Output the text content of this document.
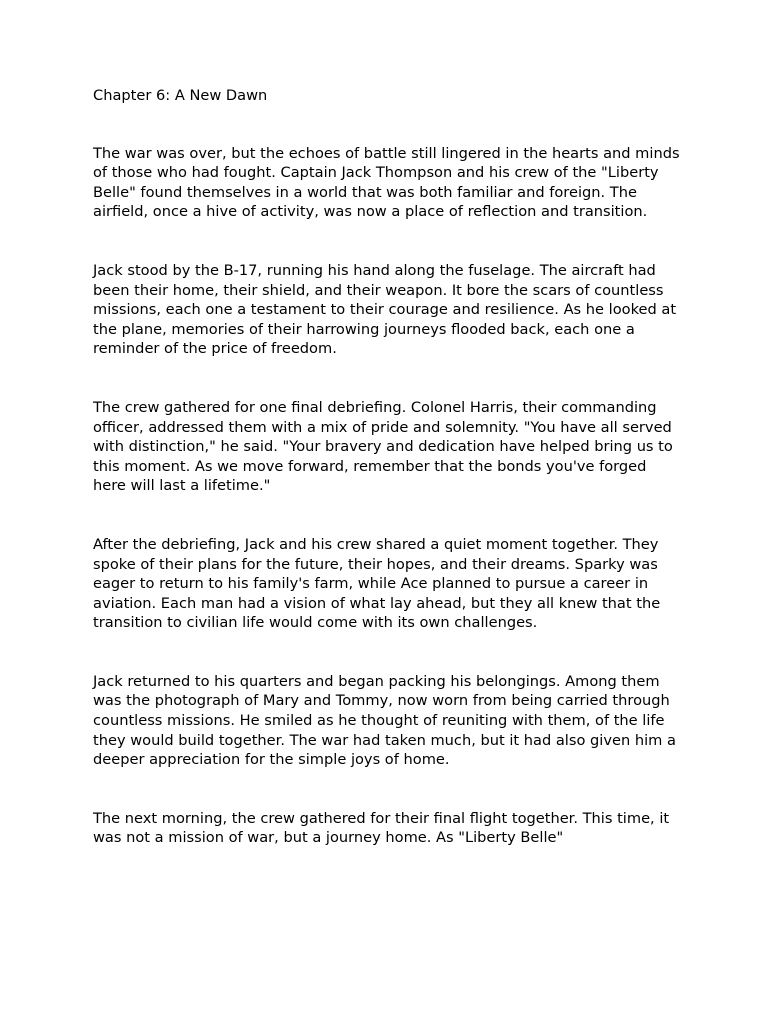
Chapter 6: A New Dawn

The war was over, but the echoes of battle still lingered in the hearts and minds of those who had fought. Captain Jack Thompson and his crew of the "Liberty Belle" found themselves in a world that was both familiar and foreign. The airfield, once a hive of activity, was now a place of reflection and transition.

Jack stood by the B-17, running his hand along the fuselage. The aircraft had been their home, their shield, and their weapon. It bore the scars of countless missions, each one a testament to their courage and resilience. As he looked at the plane, memories of their harrowing journeys flooded back, each one a reminder of the price of freedom.

The crew gathered for one final debriefing. Colonel Harris, their commanding officer, addressed them with a mix of pride and solemnity. "You have all served with distinction," he said. "Your bravery and dedication have helped bring us to this moment. As we move forward, remember that the bonds you've forged here will last a lifetime."

After the debriefing, Jack and his crew shared a quiet moment together. They spoke of their plans for the future, their hopes, and their dreams. Sparky was eager to return to his family's farm, while Ace planned to pursue a career in aviation. Each man had a vision of what lay ahead, but they all knew that the transition to civilian life would come with its own challenges.

Jack returned to his quarters and began packing his belongings. Among them was the photograph of Mary and Tommy, now worn from being carried through countless missions. He smiled as he thought of reuniting with them, of the life they would build together. The war had taken much, but it had also given him a deeper appreciation for the simple joys of home.

The next morning, the crew gathered for their final flight together. This time, it was not a mission of war, but a journey home. As "Liberty Belle"
